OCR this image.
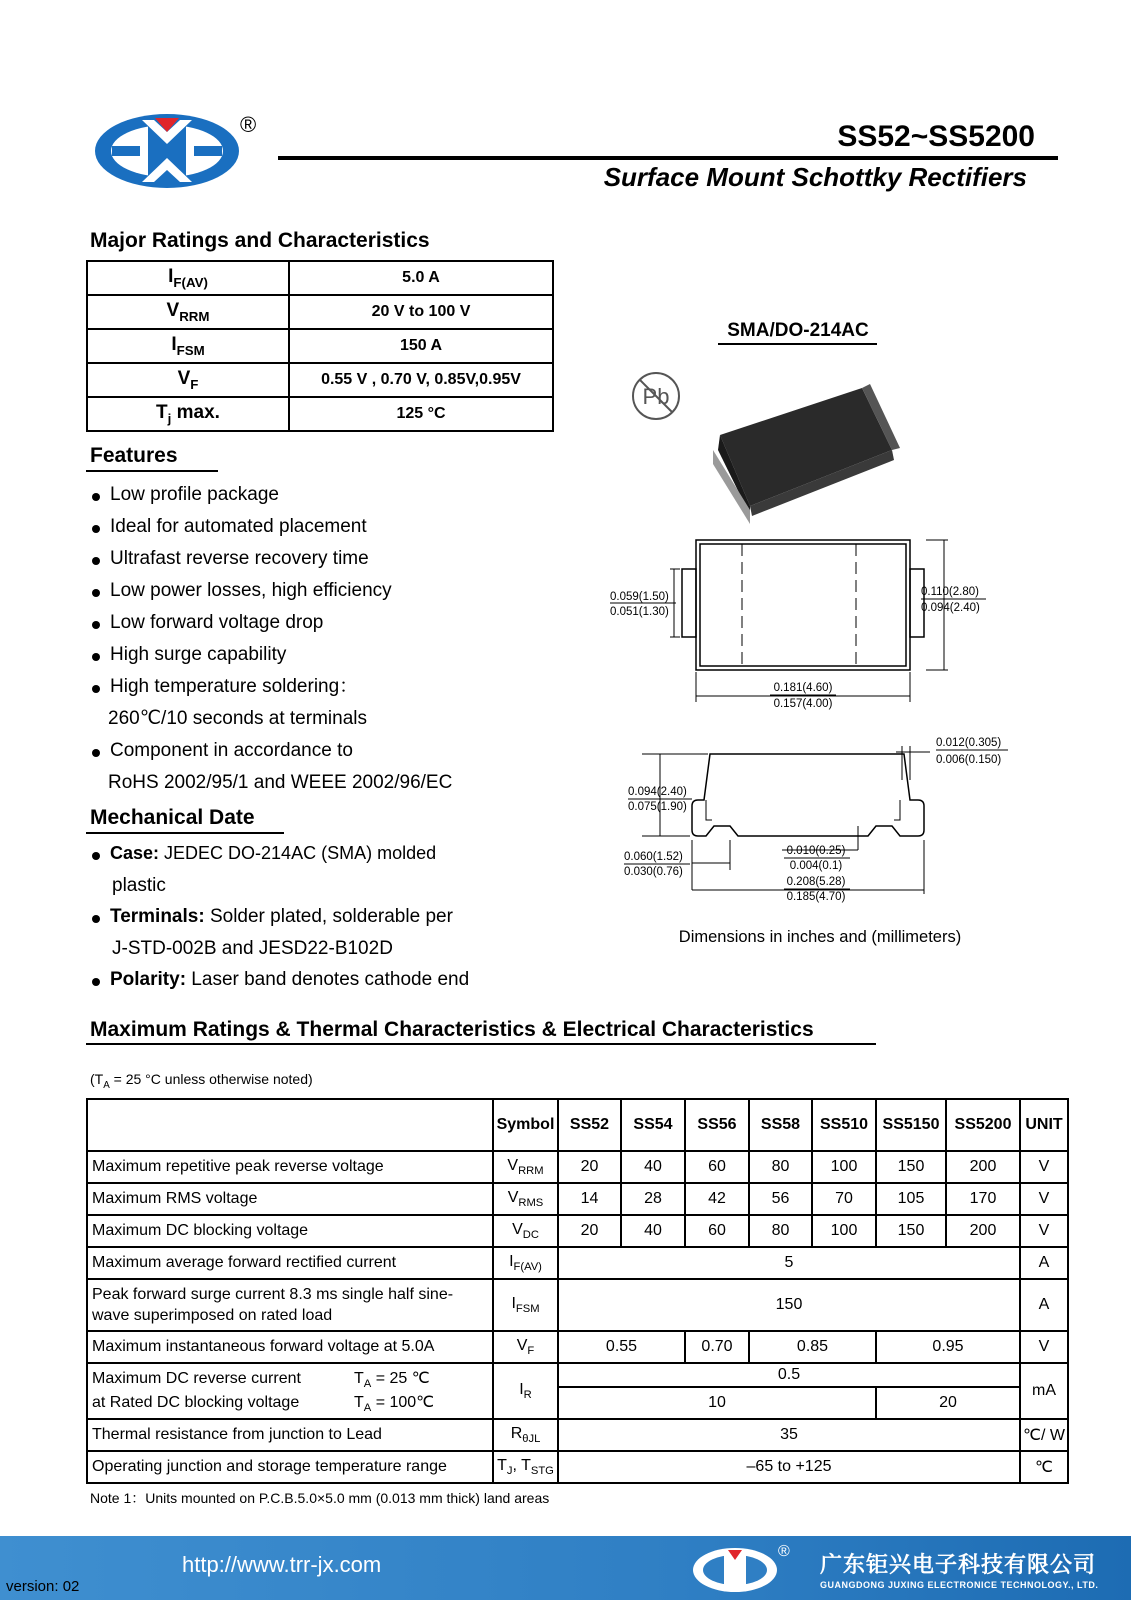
®	SS52~SS5200
Surface Mount Schottky Rectifiers
Major Ratings and Characteristics
$I_{F(AV)}$	5.0 A
$V_{RRM}$	20 V to 100 V
$I_{FSM}$	150 A
$V_F$	0.55 V , 0.70 V, 0.85V,0.95V
$T_j$ max.	125 °C
Features
Low profile package
Ideal for automated placement
Ultrafast reverse recovery time
Low power losses, high efficiency
Low forward voltage drop
High surge capability
High temperature soldering：
260℃/10 seconds at terminals
Component in accordance to
RoHS 2002/95/1 and WEEE 2002/96/EC
Mechanical Date
Case: JEDEC DO-214AC (SMA) molded
plastic
Terminals: Solder plated, solderable per
J-STD-002B and JESD22-B102D
Polarity: Laser band denotes cathode end
SMA/DO-214AC
Pb
0.059(1.50)
0.051(1.30)
0.110(2.80)
0.094(2.40)
0.181(4.60)
0.157(4.00)
0.012(0.305)
0.006(0.150)
0.094(2.40)
0.075(1.90)
0.060(1.52)
0.030(0.76)
0.010(0.25)
0.004(0.1)
0.208(5.28)
0.185(4.70)
Dimensions in inches and (millimeters)
Maximum Ratings & Thermal Characteristics & Electrical Characteristics
($T_A = 25$ °C unless otherwise noted)
	Symbol	SS52	SS54	SS56	SS58	SS510	SS5150	SS5200	UNIT
Maximum repetitive peak reverse voltage	$V_{RRM}$	20	40	60	80	100	150	200	V
Maximum RMS voltage	$V_{RMS}$	14	28	42	56	70	105	170	V
Maximum DC blocking voltage	$V_{DC}$	20	40	60	80	100	150	200	V
Maximum average forward rectified current	$I_{F(AV)}$	5							A

Peak forward surge current 8.3 ms single half sine-
wave superimposed on rated load	$I_{FSM}$	150							A
Maximum instantaneous forward voltage at 5.0A	$V_F$	0.55		0.70	0.85		0.95		V

Maximum DC reverse current $T_A = 25$ ℃
at Rated DC blocking voltage $T_A$ = 100℃	$I_R$	0.5							mA
		10					20		
Thermal resistance from junction to Lead	$R_{\theta JL}$	35							℃/ W
Operating junction and storage temperature range	$T_J$, $T_{STG}$	–65 to +125							℃
Note 1：Units mounted on P.C.B.5.0×5.0 mm (0.013 mm thick) land areas
http://www.trr-jx.com
version: 02
®
广东钜兴电子科技有限公司
GUANGDONG JUXING ELECTRONICE TECHNOLOGY., LTD.
